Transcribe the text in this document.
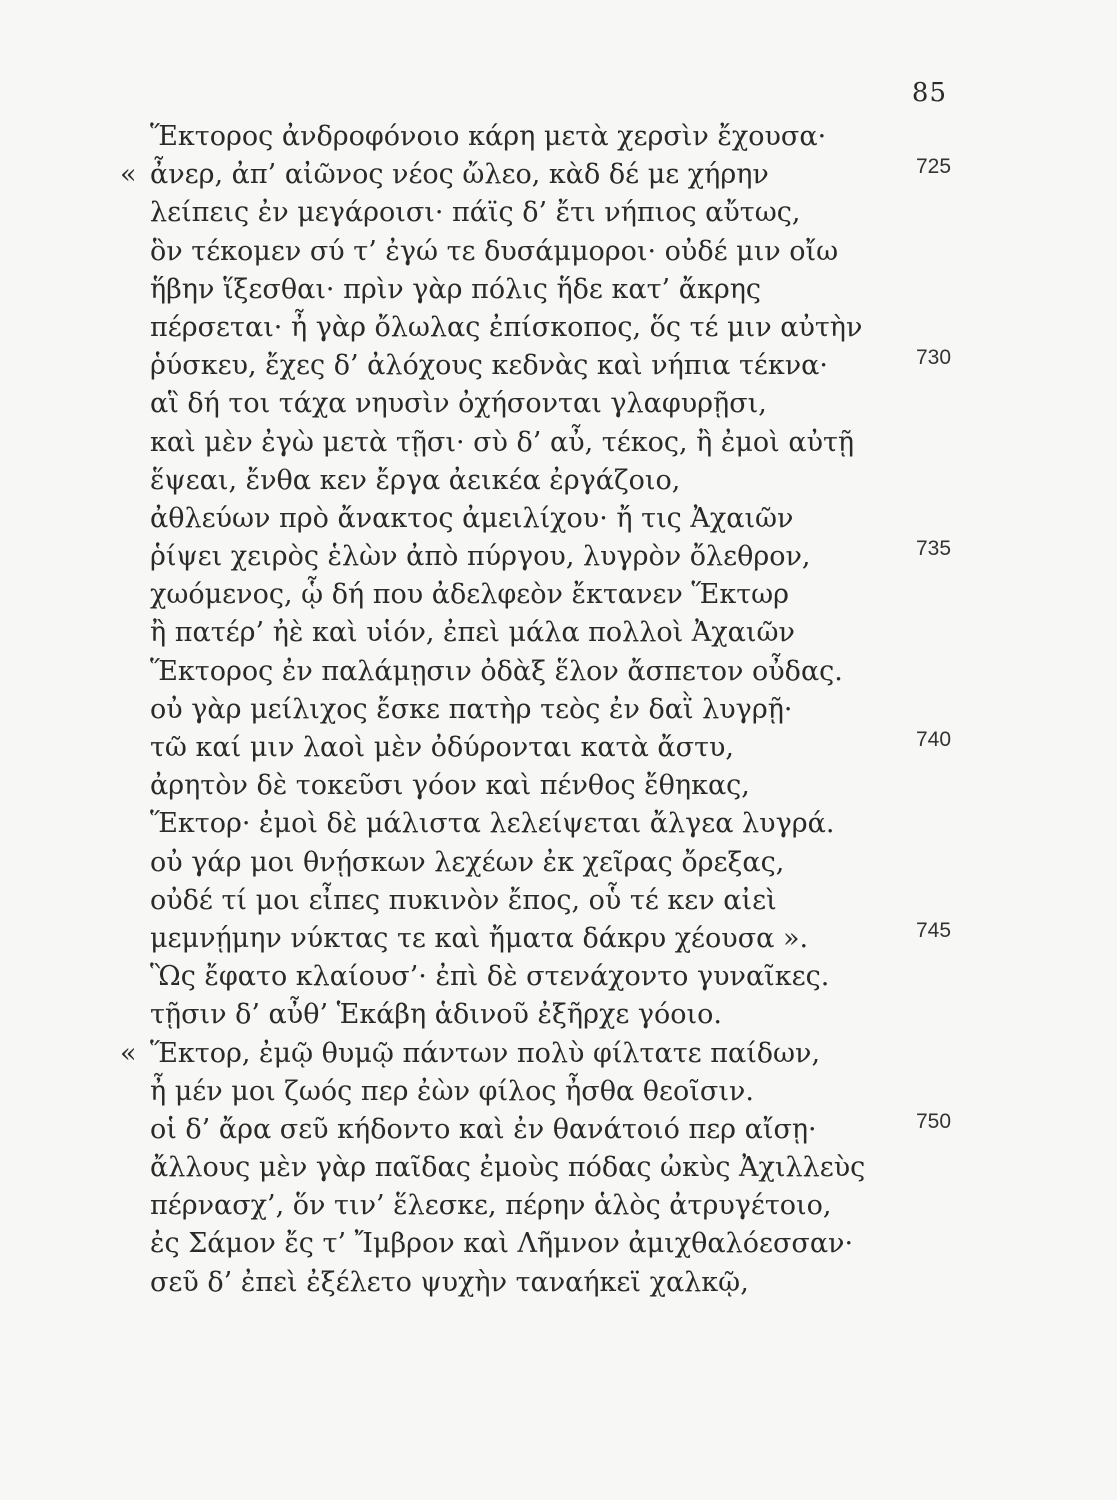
85
Ἕκτορος ἀνδροφόνοιο κάρη μετὰ χερσὶν ἔχουσα·
« ἆνερ, ἀπ’ αἰῶνος νέος ὤλεο, κὰδ δέ με χήρην	725
λείπεις ἐν μεγάροισι· πάϊς δ’ ἔτι νήπιος αὔτως,
ὃν τέκομεν σύ τ’ ἐγώ τε δυσάμμοροι· οὐδέ μιν οἴω
ἥβην ἵξεσθαι· πρὶν γὰρ πόλις ἥδε κατ’ ἄκρης
πέρσεται· ἦ γὰρ ὄλωλας ἐπίσκοπος, ὅς τέ μιν αὐτὴν
ῥύσκευ, ἔχες δ’ ἀλόχους κεδνὰς καὶ νήπια τέκνα·	730
αἳ δή τοι τάχα νηυσὶν ὀχήσονται γλαφυρῇσι,
καὶ μὲν ἐγὼ μετὰ τῇσι· σὺ δ’ αὖ, τέκος, ἢ ἐμοὶ αὐτῇ
ἕψεαι, ἔνθα κεν ἔργα ἀεικέα ἐργάζοιο,
ἀθλεύων πρὸ ἄνακτος ἀμειλίχου· ἤ τις Ἀχαιῶν
ῥίψει χειρὸς ἑλὼν ἀπὸ πύργου, λυγρὸν ὄλεθρον,	735
χωόμενος, ᾧ δή που ἀδελφεὸν ἔκτανεν Ἕκτωρ
ἢ πατέρ’ ἠὲ καὶ υἱόν, ἐπεὶ μάλα πολλοὶ Ἀχαιῶν
Ἕκτορος ἐν παλάμῃσιν ὀδὰξ ἕλον ἄσπετον οὖδας.
οὐ γὰρ μείλιχος ἔσκε πατὴρ τεὸς ἐν δαῒ λυγρῇ·
τῶ καί μιν λαοὶ μὲν ὀδύρονται κατὰ ἄστυ,	740
ἀρητὸν δὲ τοκεῦσι γόον καὶ πένθος ἔθηκας,
Ἕκτορ· ἐμοὶ δὲ μάλιστα λελείψεται ἄλγεα λυγρά.
οὐ γάρ μοι θνῄσκων λεχέων ἐκ χεῖρας ὄρεξας,
οὐδέ τί μοι εἶπες πυκινὸν ἔπος, οὗ τέ κεν αἰεὶ
μεμνῄμην νύκτας τε καὶ ἤματα δάκρυ χέουσα ».	745
Ὣς ἔφατο κλαίουσ’· ἐπὶ δὲ στενάχοντο γυναῖκες.
τῇσιν δ’ αὖθ’ Ἑκάβη ἁδινοῦ ἐξῆρχε γόοιο.
« Ἕκτορ, ἐμῷ θυμῷ πάντων πολὺ φίλτατε παίδων,
ἦ μέν μοι ζωός περ ἐὼν φίλος ἦσθα θεοῖσιν.
οἱ δ’ ἄρα σεῦ κήδοντο καὶ ἐν θανάτοιό περ αἴσῃ·	750
ἄλλους μὲν γὰρ παῖδας ἐμοὺς πόδας ὠκὺς Ἀχιλλεὺς
πέρνασχ’, ὅν τιν’ ἕλεσκε, πέρην ἁλὸς ἀτρυγέτοιο,
ἐς Σάμον ἔς τ’ Ἴμβρον καὶ Λῆμνον ἀμιχθαλόεσσαν·
σεῦ δ’ ἐπεὶ ἐξέλετο ψυχὴν ταναήκεϊ χαλκῷ,
